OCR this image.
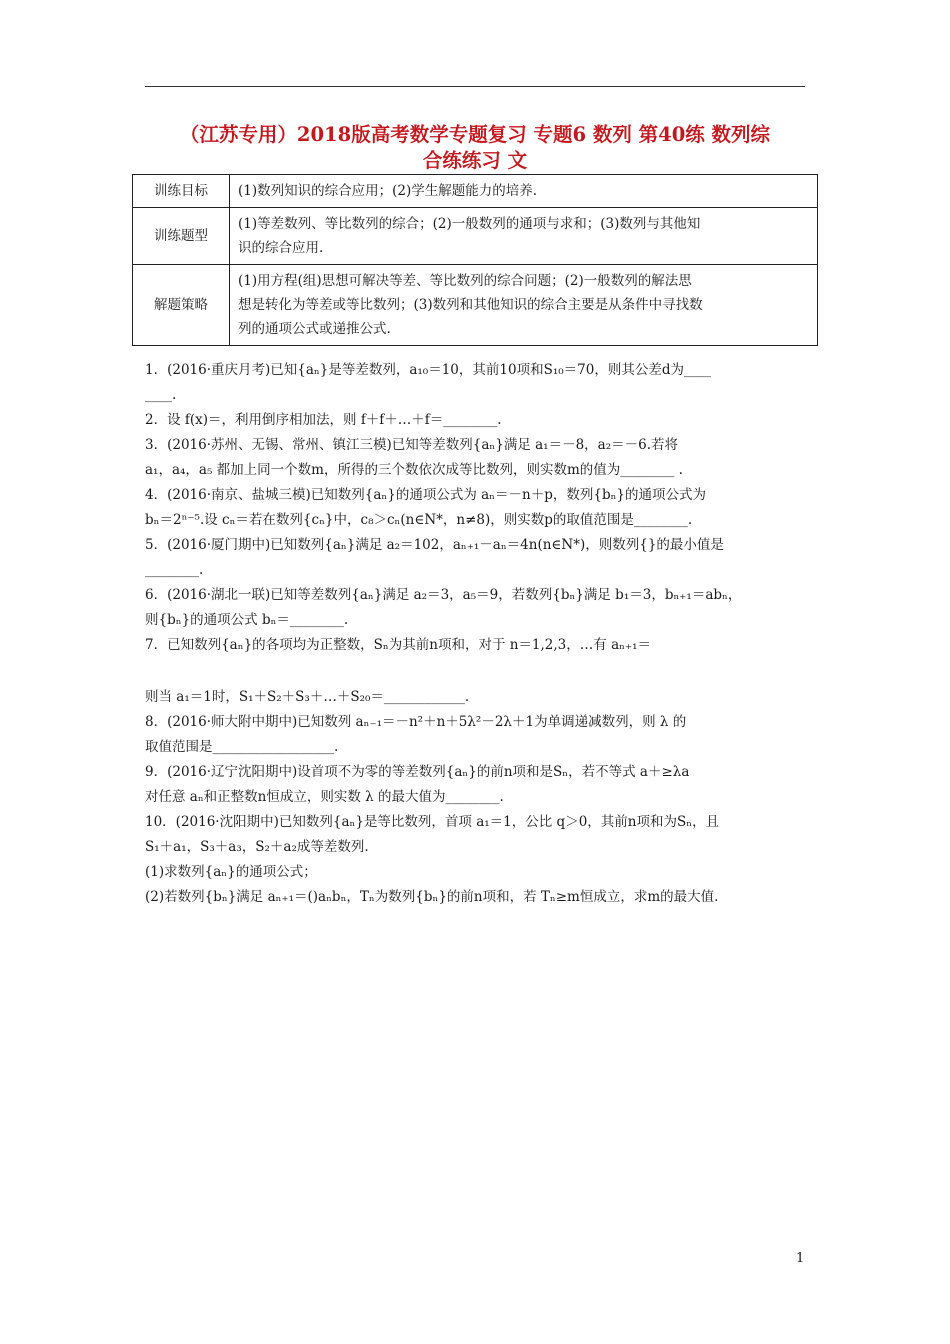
（江苏专用）2018版高考数学专题复习 专题6 数列 第40练 数列综
合练练习 文
训练目标	(1)数列知识的综合应用；(2)学生解题能力的培养.

训练题型	(1)等差数列、等比数列的综合；(2)一般数列的通项与求和；(3)数列与其他知
识的综合应用.

解题策略	(1)用方程(组)思想可解决等差、等比数列的综合问题；(2)一般数列的解法思
想是转化为等差或等比数列；(3)数列和其他知识的综合主要是从条件中寻找数
列的通项公式或递推公式.
1．(2016·重庆月考)已知{aₙ}是等差数列，a₁₀＝10，其前10项和S₁₀＝70，则其公差d为____
____.
2．设 f(x)＝，利用倒序相加法，则 f＋f＋…＋f＝________.
3．(2016·苏州、无锡、常州、镇江三模)已知等差数列{aₙ}满足 a₁＝－8，a₂＝－6.若将
a₁，a₄，a₅ 都加上同一个数m，所得的三个数依次成等比数列，则实数m的值为________ .
4．(2016·南京、盐城三模)已知数列{aₙ}的通项公式为 aₙ＝－n＋p，数列{bₙ}的通项公式为
bₙ＝2ⁿ⁻⁵.设 cₙ＝若在数列{cₙ}中，c₈＞cₙ(n∈N*，n≠8)，则实数p的取值范围是________.
5．(2016·厦门期中)已知数列{aₙ}满足 a₂＝102，aₙ₊₁－aₙ＝4n(n∈N*)，则数列{}的最小值是
________.
6．(2016·湖北一联)已知等差数列{aₙ}满足 a₂＝3，a₅＝9，若数列{bₙ}满足 b₁＝3，bₙ₊₁＝abₙ，
则{bₙ}的通项公式 bₙ＝________.
7．已知数列{aₙ}的各项均为正整数，Sₙ为其前n项和，对于 n＝1,2,3，…有 aₙ₊₁＝
则当 a₁＝1时，S₁＋S₂＋S₃＋…＋S₂₀＝____________.
8．(2016·师大附中期中)已知数列 aₙ₋₁＝－n²＋n＋5λ²－2λ＋1为单调递减数列，则 λ 的
取值范围是__________________.
9．(2016·辽宁沈阳期中)设首项不为零的等差数列{aₙ}的前n项和是Sₙ，若不等式 a＋≥λa
对任意 aₙ和正整数n恒成立，则实数 λ 的最大值为________.
10．(2016·沈阳期中)已知数列{aₙ}是等比数列，首项 a₁＝1，公比 q＞0，其前n项和为Sₙ，且
S₁＋a₁，S₃＋a₃，S₂＋a₂成等差数列.
(1)求数列{aₙ}的通项公式；
(2)若数列{bₙ}满足 aₙ₊₁＝()aₙbₙ，Tₙ为数列{bₙ}的前n项和，若 Tₙ≥m恒成立，求m的最大值.
1
